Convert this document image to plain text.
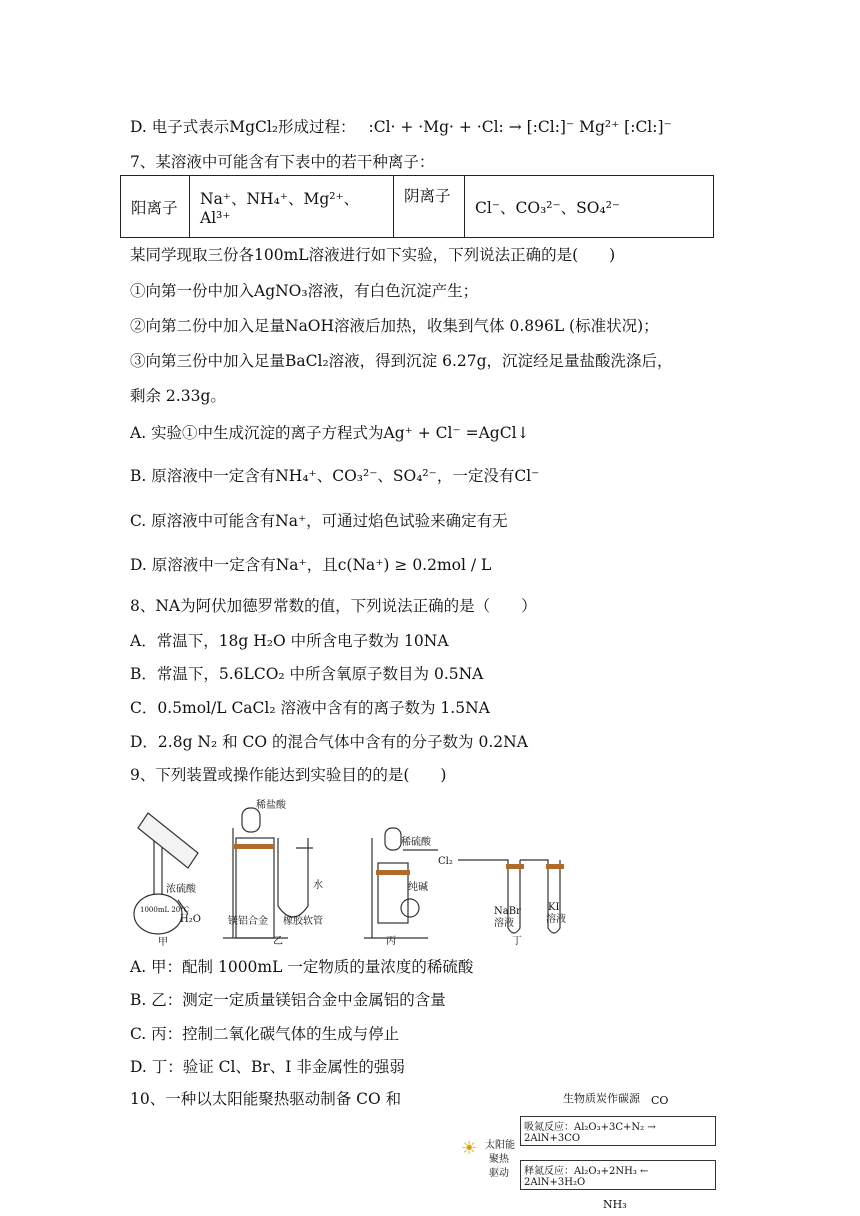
D. 电子式表示MgCl₂形成过程： :Cl· + ·Mg· + ·Cl: → [:Cl:]⁻ Mg²⁺ [:Cl:]⁻
7、某溶液中可能含有下表中的若干种离子：
阳离子	Na⁺、NH₄⁺、Mg²⁺、Al³⁺	阴离子	Cl⁻、CO₃²⁻、SO₄²⁻
某同学现取三份各100mL溶液进行如下实验，下列说法正确的是(　　)
①向第一份中加入AgNO₃溶液，有白色沉淀产生；
②向第二份中加入足量NaOH溶液后加热，收集到气体 0.896L (标准状况)；
③向第三份中加入足量BaCl₂溶液，得到沉淀 6.27g，沉淀经足量盐酸洗涤后，
剩余 2.33g。
A. 实验①中生成沉淀的离子方程式为Ag⁺ + Cl⁻ =AgCl↓
B. 原溶液中一定含有NH₄⁺、CO₃²⁻、SO₄²⁻，一定没有Cl⁻
C. 原溶液中可能含有Na⁺，可通过焰色试验来确定有无
D. 原溶液中一定含有Na⁺，且c(Na⁺) ≥ 0.2mol / L
8、NA为阿伏加德罗常数的值，下列说法正确的是（　　）
A．常温下，18g H₂O 中所含电子数为 10NA
B．常温下，5.6LCO₂ 中所含氧原子数目为 0.5NA
C．0.5mol/L CaCl₂ 溶液中含有的离子数为 1.5NA
D．2.8g N₂ 和 CO 的混合气体中含有的分子数为 0.2NA
9、下列装置或操作能达到实验目的的是(　　)
甲
浓硫酸
1000mL 20°C
H₂O
乙
稀盐酸
水
镁铝合金 橡胶软管
丙
稀硫酸
纯碱
Cl₂
NaBr
溶液
KI
溶液
丁
A. 甲：配制 1000mL 一定物质的量浓度的稀硫酸
B. 乙：测定一定质量镁铝合金中金属铝的含量
C. 丙：控制二氧化碳气体的生成与停止
D. 丁：验证 Cl、Br、I 非金属性的强弱
10、一种以太阳能聚热驱动制备 CO 和	生物质炭作碳源 CO
吸氮反应：Al₂O₃+3C+N₂ → 2AlN+3CO
☀ 太阳能
聚热
驱动	释氮反应：Al₂O₃+2NH₃ ← 2AlN+3H₂O
NH₃
